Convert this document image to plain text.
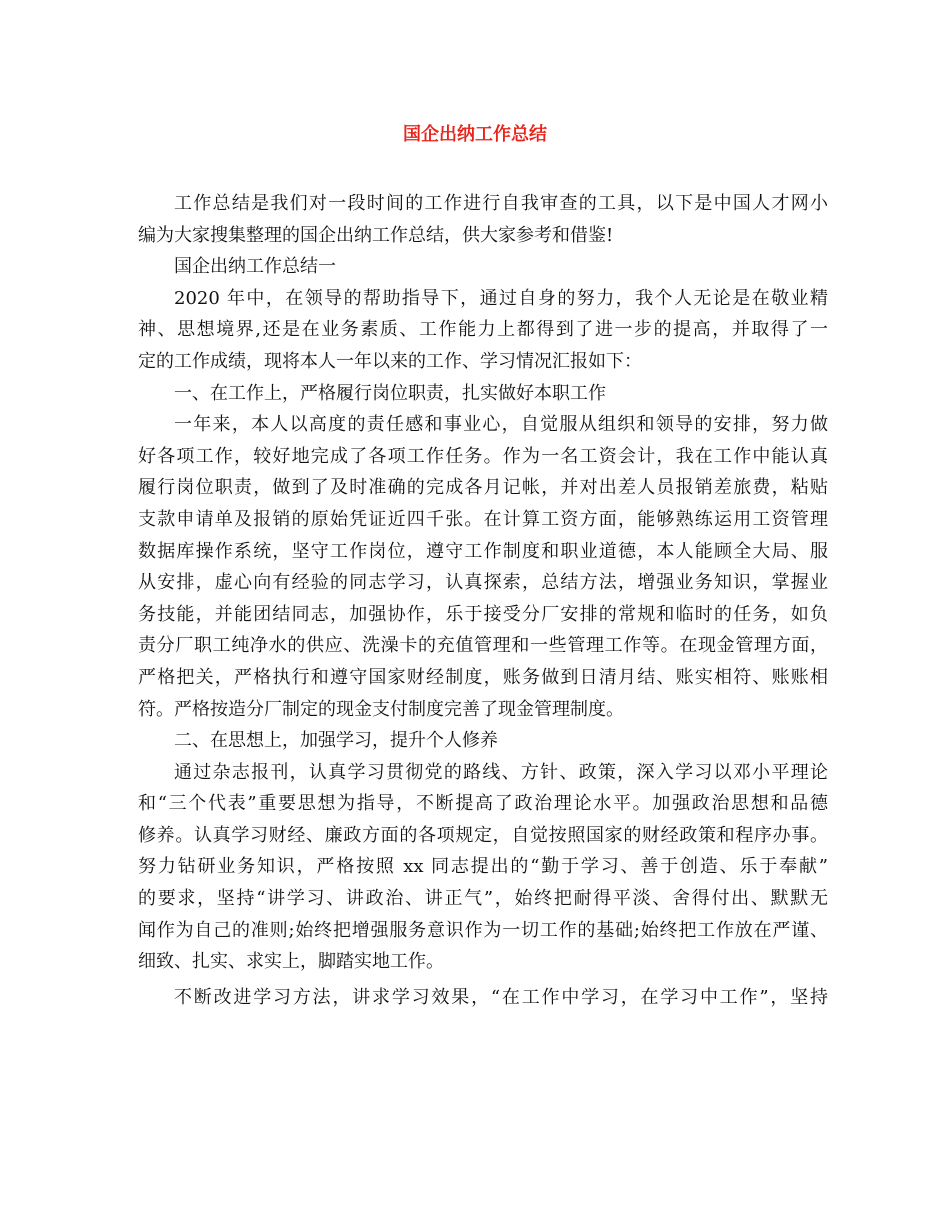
国企出纳工作总结
工作总结是我们对一段时间的工作进行自我审查的工具，以下是中国人才网小
编为大家搜集整理的国企出纳工作总结，供大家参考和借鉴!
国企出纳工作总结一
2020 年中，在领导的帮助指导下，通过自身的努力，我个人无论是在敬业精
神、思想境界,还是在业务素质、工作能力上都得到了进一步的提高，并取得了一
定的工作成绩，现将本人一年以来的工作、学习情况汇报如下：
一、在工作上，严格履行岗位职责，扎实做好本职工作
一年来，本人以高度的责任感和事业心，自觉服从组织和领导的安排，努力做
好各项工作，较好地完成了各项工作任务。作为一名工资会计，我在工作中能认真
履行岗位职责，做到了及时准确的完成各月记帐，并对出差人员报销差旅费，粘贴
支款申请单及报销的原始凭证近四千张。在计算工资方面，能够熟练运用工资管理
数据库操作系统，坚守工作岗位，遵守工作制度和职业道德，本人能顾全大局、服
从安排，虚心向有经验的同志学习，认真探索，总结方法，增强业务知识，掌握业
务技能，并能团结同志，加强协作，乐于接受分厂安排的常规和临时的任务，如负
责分厂职工纯净水的供应、洗澡卡的充值管理和一些管理工作等。在现金管理方面，
严格把关，严格执行和遵守国家财经制度，账务做到日清月结、账实相符、账账相
符。严格按造分厂制定的现金支付制度完善了现金管理制度。
二、在思想上，加强学习，提升个人修养
通过杂志报刊，认真学习贯彻党的路线、方针、政策，深入学习以邓小平理论
和“三个代表”重要思想为指导，不断提高了政治理论水平。加强政治思想和品德
修养。认真学习财经、廉政方面的各项规定，自觉按照国家的财经政策和程序办事。
努力钻研业务知识，严格按照 xx 同志提出的“勤于学习、善于创造、乐于奉献”
的要求，坚持“讲学习、讲政治、讲正气”，始终把耐得平淡、舍得付出、默默无
闻作为自己的准则;始终把增强服务意识作为一切工作的基础;始终把工作放在严谨、
细致、扎实、求实上，脚踏实地工作。
不断改进学习方法，讲求学习效果，“在工作中学习，在学习中工作”，坚持
